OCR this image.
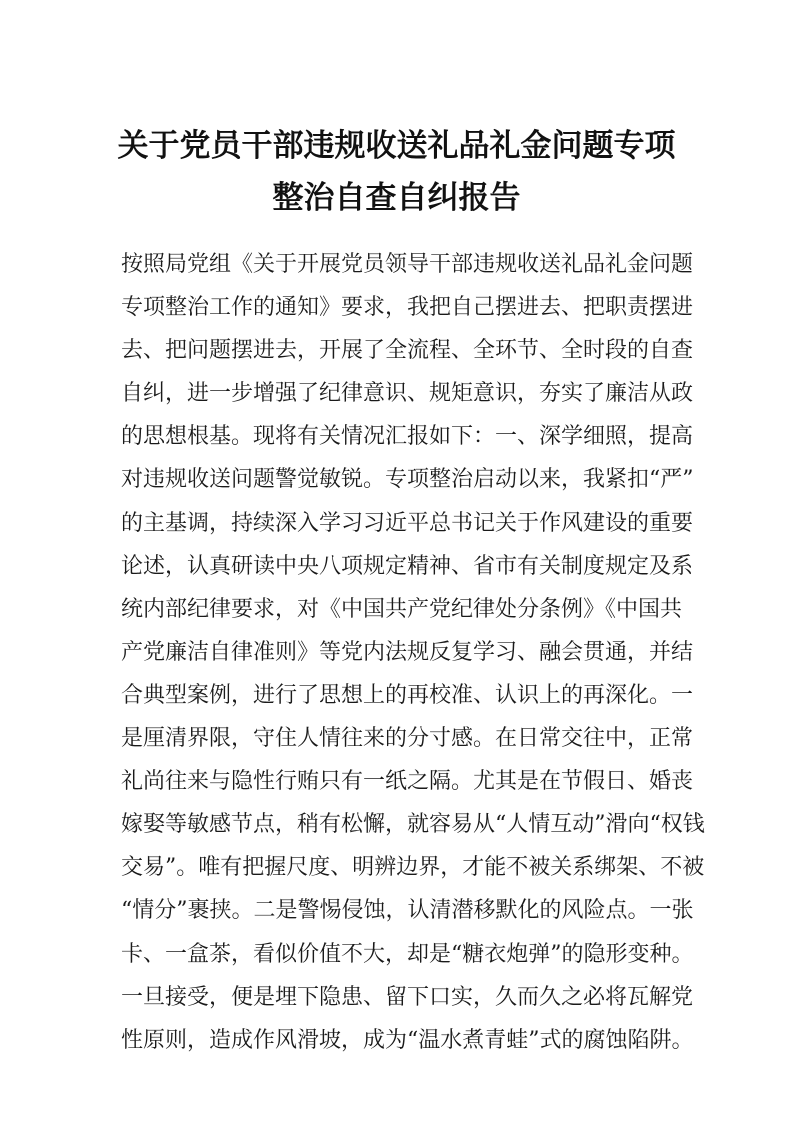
关于党员干部违规收送礼品礼金问题专项
整治自查自纠报告
按照局党组《关于开展党员领导干部违规收送礼品礼金问题
专项整治工作的通知》要求，我把自己摆进去、把职责摆进
去、把问题摆进去，开展了全流程、全环节、全时段的自查
自纠，进一步增强了纪律意识、规矩意识，夯实了廉洁从政
的思想根基。现将有关情况汇报如下：一、深学细照，提高
对违规收送问题警觉敏锐。专项整治启动以来，我紧扣“严”
的主基调，持续深入学习习近平总书记关于作风建设的重要
论述，认真研读中央八项规定精神、省市有关制度规定及系
统内部纪律要求，对《中国共产党纪律处分条例》《中国共
产党廉洁自律准则》等党内法规反复学习、融会贯通，并结
合典型案例，进行了思想上的再校准、认识上的再深化。一
是厘清界限，守住人情往来的分寸感。在日常交往中，正常
礼尚往来与隐性行贿只有一纸之隔。尤其是在节假日、婚丧
嫁娶等敏感节点，稍有松懈，就容易从“人情互动”滑向“权钱
交易”。唯有把握尺度、明辨边界，才能不被关系绑架、不被
“情分”裹挟。二是警惕侵蚀，认清潜移默化的风险点。一张
卡、一盒茶，看似价值不大，却是“糖衣炮弹”的隐形变种。
一旦接受，便是埋下隐患、留下口实，久而久之必将瓦解党
性原则，造成作风滑坡，成为“温水煮青蛙”式的腐蚀陷阱。
